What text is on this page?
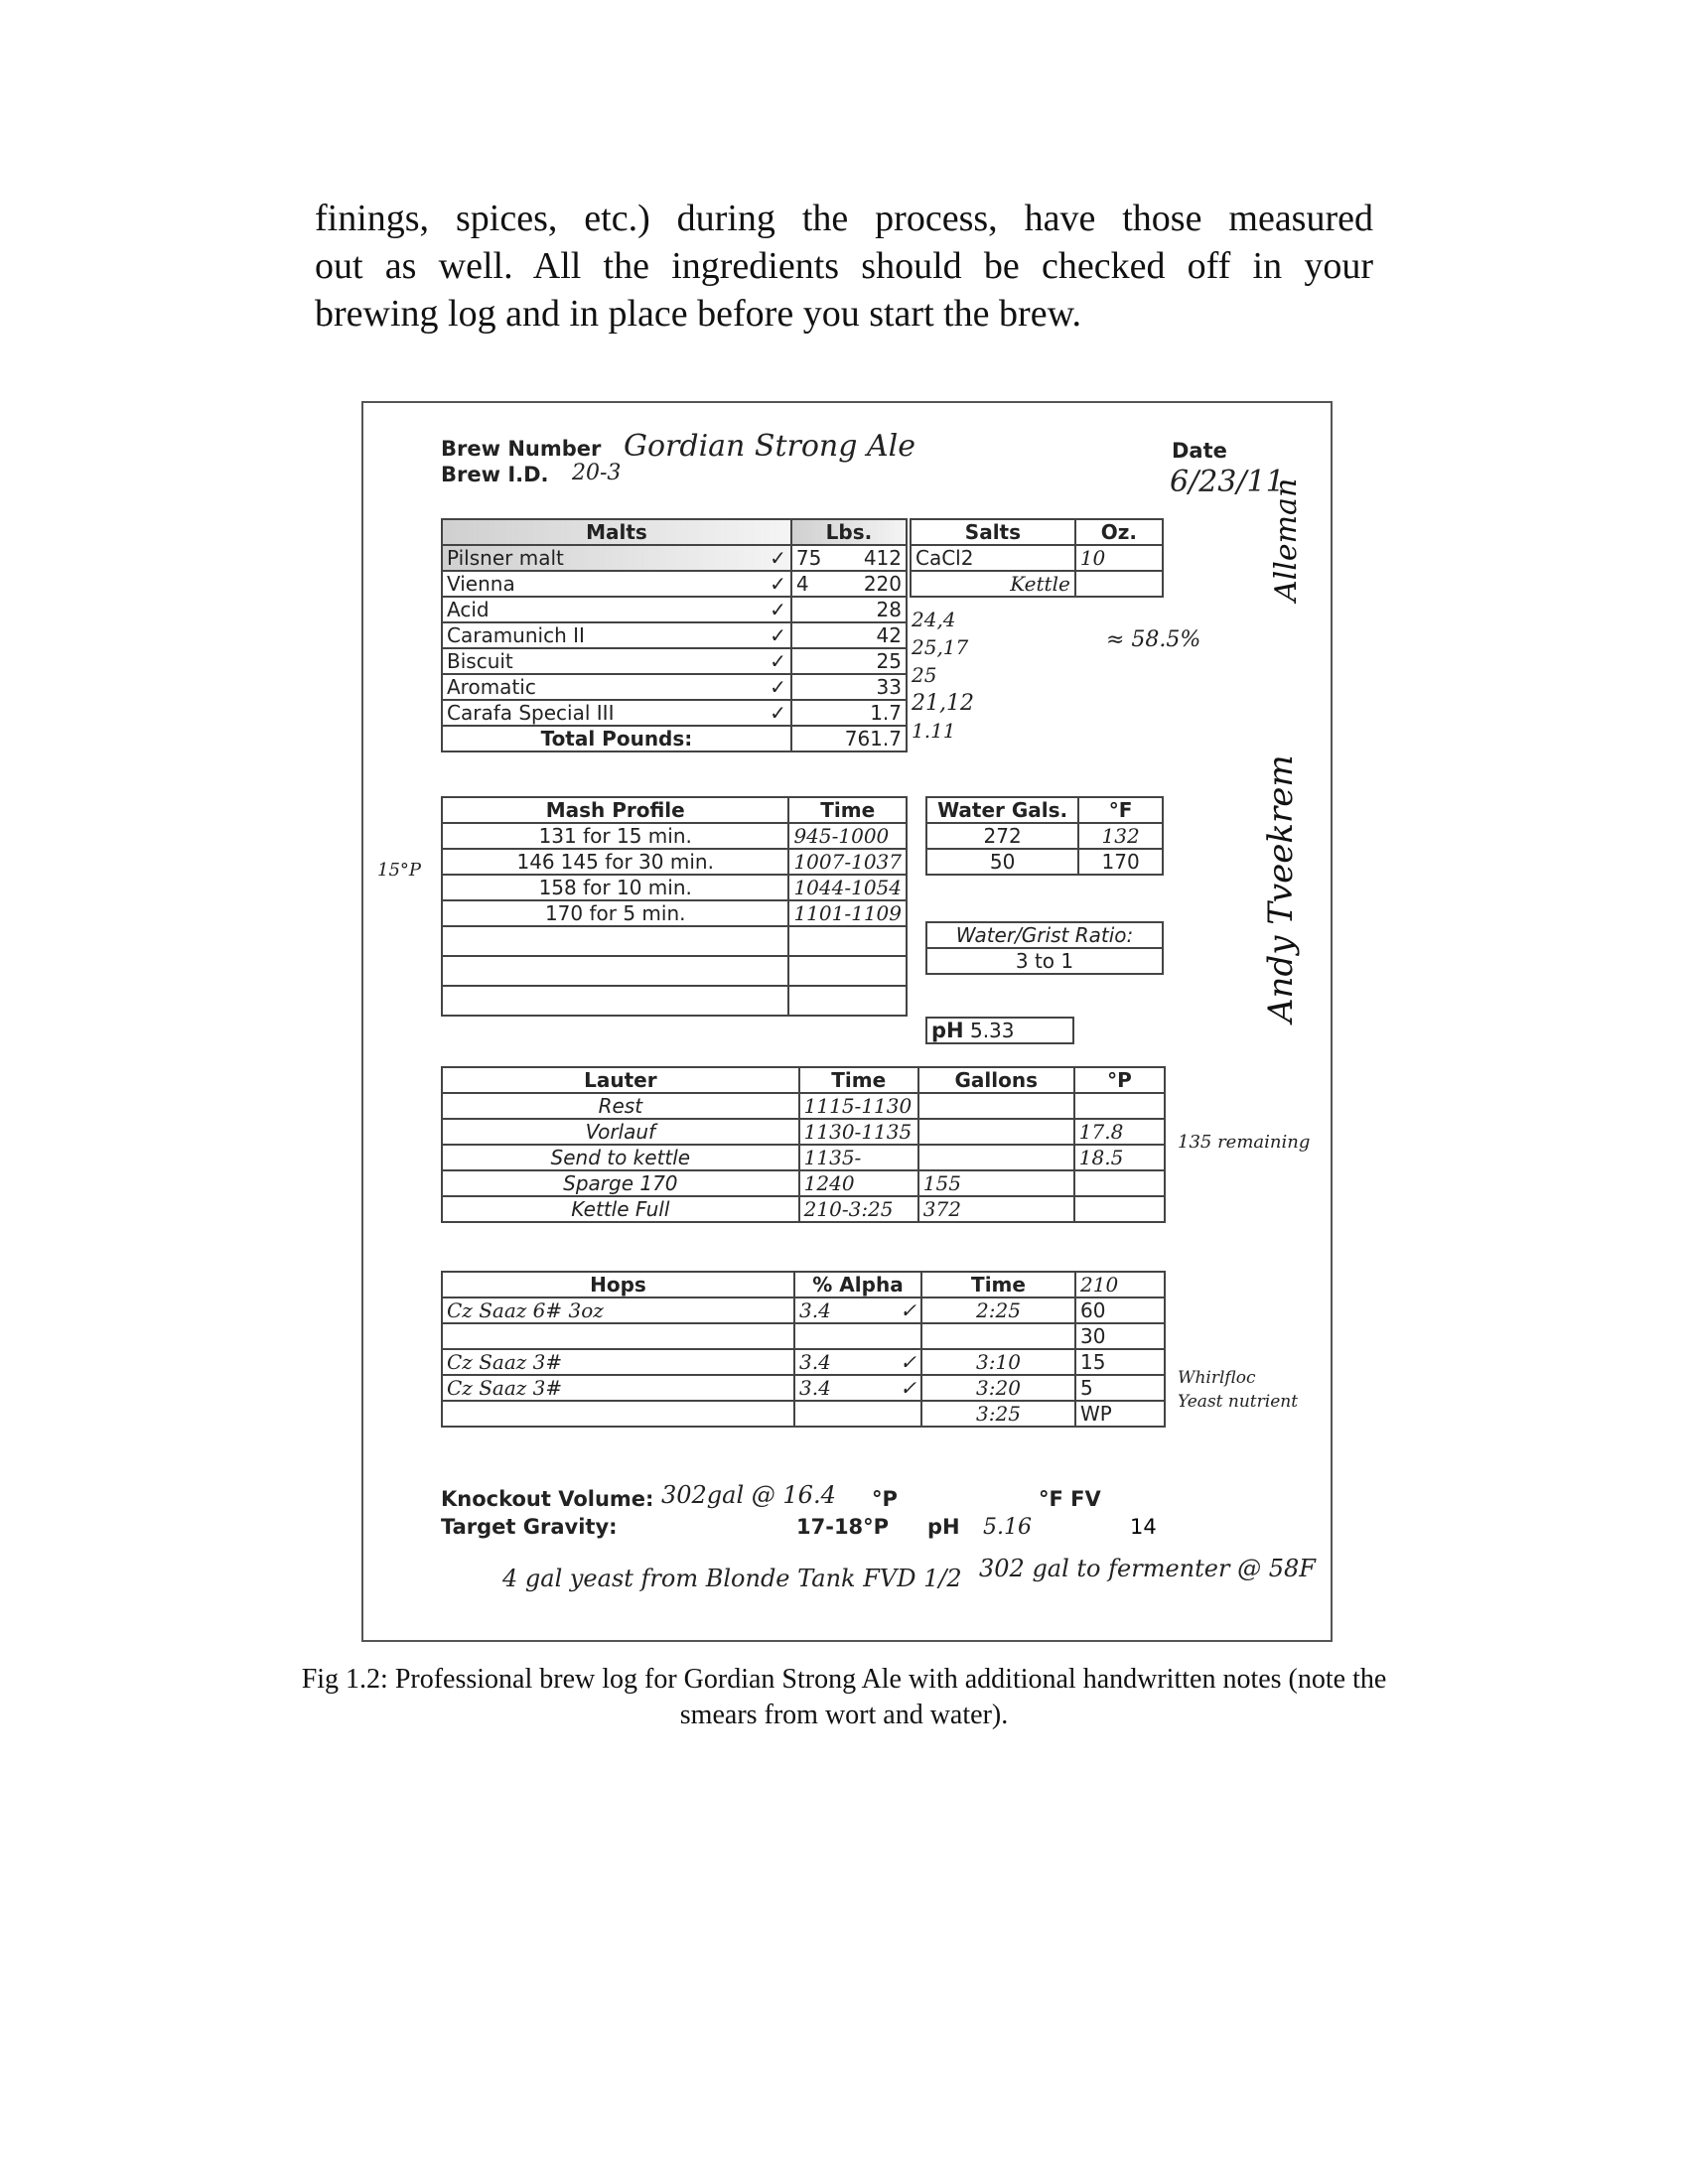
finings, spices, etc.) during the process, have those measured
out as well. All the ingredients should be checked off in your
brewing log and in place before you start the brew.
Brew Number Gordian Strong Ale
Brew I.D. 20-3
Date
6/23/11
Malts	Lbs.
Pilsner malt ✓	75 412
Vienna ✓	4 220
Acid ✓	28
Caramunich II ✓	42
Biscuit ✓	25
Aromatic ✓	33
Carafa Special III ✓	1.7
Total Pounds:	761.7
24,4
25,17
25
21,12
1.11
Salts	Oz.
CaCl2	10
Kettle	
≈ 58.5%
Mash Profile	Time
131 for 15 min.	945-1000
146 145 for 30 min.	1007-1037
158 for 10 min.	1044-1054
170 for 5 min.	1101-1109

15°P
Water Gals.	°F
272	132
50	170
Water/Grist Ratio:
3 to 1
pH 5.33
Lauter	Time	Gallons	°P
Rest	1115-1130		
Vorlauf	1130-1135		17.8
Send to kettle	1135-		18.5
Sparge 170	1240	155	
Kettle Full	210-3:25	372	
135 remaining
Hops	% Alpha		Time	210
Cz Saaz 6# 3oz	3.4	✓	2:25	60
				30
Cz Saaz 3#	3.4	✓	3:10	15
Cz Saaz 3#	3.4	✓	3:20	5
			3:25	WP
Whirlfloc
Yeast nutrient
Knockout Volume: 302gal @ 16.4 °P	°F FV
Target Gravity:	17-18°P pH 5.16	14
4 gal yeast from Blonde Tank FVD 1/2 302 gal to fermenter @ 58F
Alleman
Fig 1.2: Professional brew log for Gordian Strong Ale with additional handwritten notes (note the
smears from wort and water).
